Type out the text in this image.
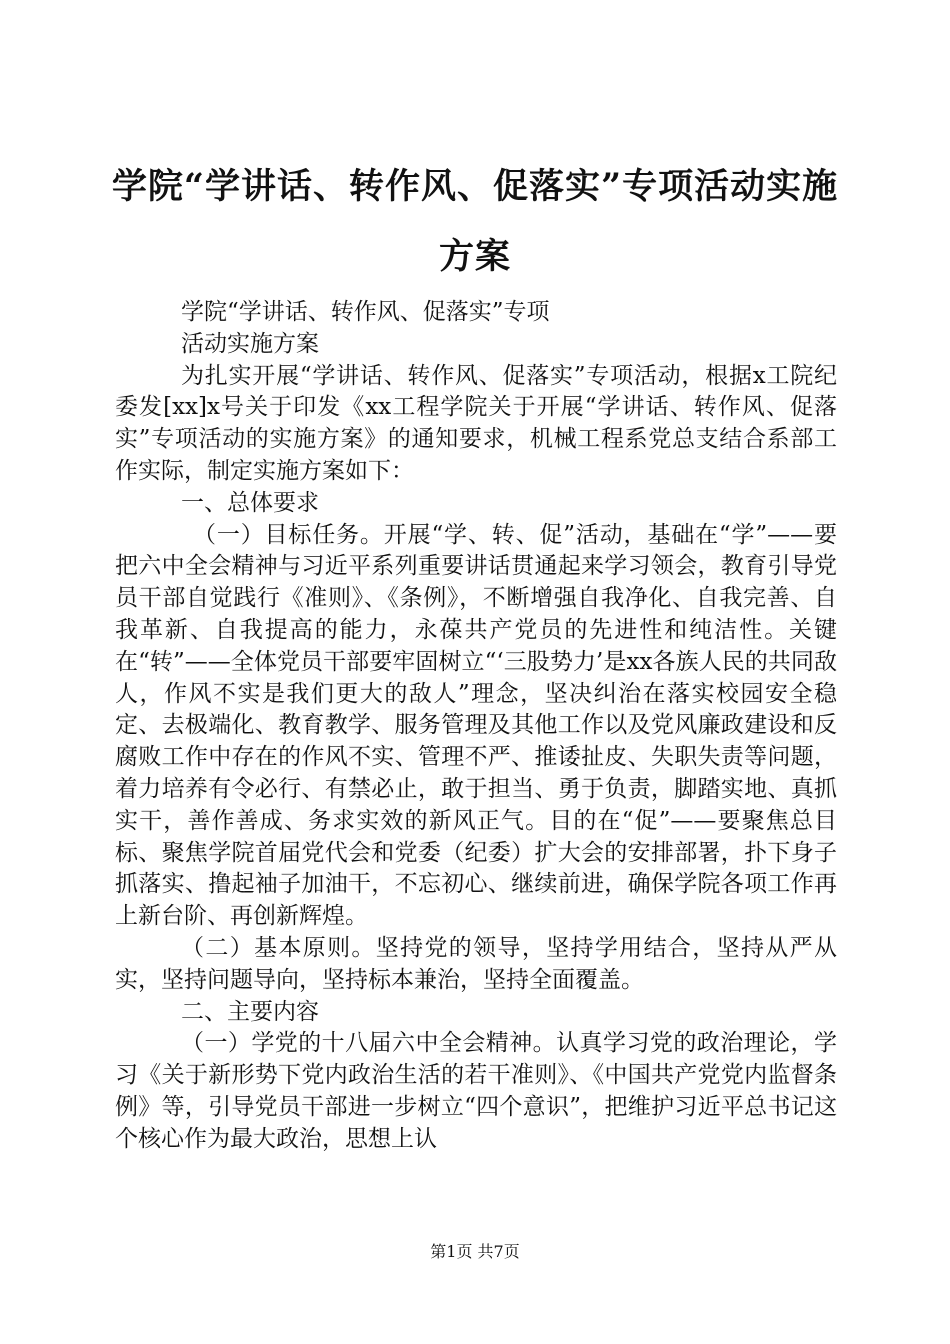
学院“学讲话、转作风、促落实”专项活动实施方案

学院“学讲话、转作风、促落实”专项

活动实施方案

为扎实开展“学讲话、转作风、促落实”专项活动，根据x工院纪委发[xx]x号关于印发《xx工程学院关于开展“学讲话、转作风、促落实”专项活动的实施方案》的通知要求，机械工程系党总支结合系部工作实际，制定实施方案如下：

一、总体要求

（一）目标任务。开展“学、转、促”活动，基础在“学”——要把六中全会精神与习近平系列重要讲话贯通起来学习领会，教育引导党员干部自觉践行《准则》、《条例》，不断增强自我净化、自我完善、自我革新、自我提高的能力，永葆共产党员的先进性和纯洁性。关键在“转”——全体党员干部要牢固树立“‘三股势力’是xx各族人民的共同敌人，作风不实是我们更大的敌人”理念，坚决纠治在落实校园安全稳定、去极端化、教育教学、服务管理及其他工作以及党风廉政建设和反腐败工作中存在的作风不实、管理不严、推诿扯皮、失职失责等问题，着力培养有令必行、有禁必止，敢于担当、勇于负责，脚踏实地、真抓实干，善作善成、务求实效的新风正气。目的在“促”——要聚焦总目标、聚焦学院首届党代会和党委（纪委）扩大会的安排部署，扑下身子抓落实、撸起袖子加油干，不忘初心、继续前进，确保学院各项工作再上新台阶、再创新辉煌。

（二）基本原则。坚持党的领导，坚持学用结合，坚持从严从实，坚持问题导向，坚持标本兼治，坚持全面覆盖。

二、主要内容

（一）学党的十八届六中全会精神。认真学习党的政治理论，学习《关于新形势下党内政治生活的若干准则》、《中国共产党党内监督条例》等，引导党员干部进一步树立“四个意识”，把维护习近平总书记这个核心作为最大政治，思想上认

第1页 共7页
